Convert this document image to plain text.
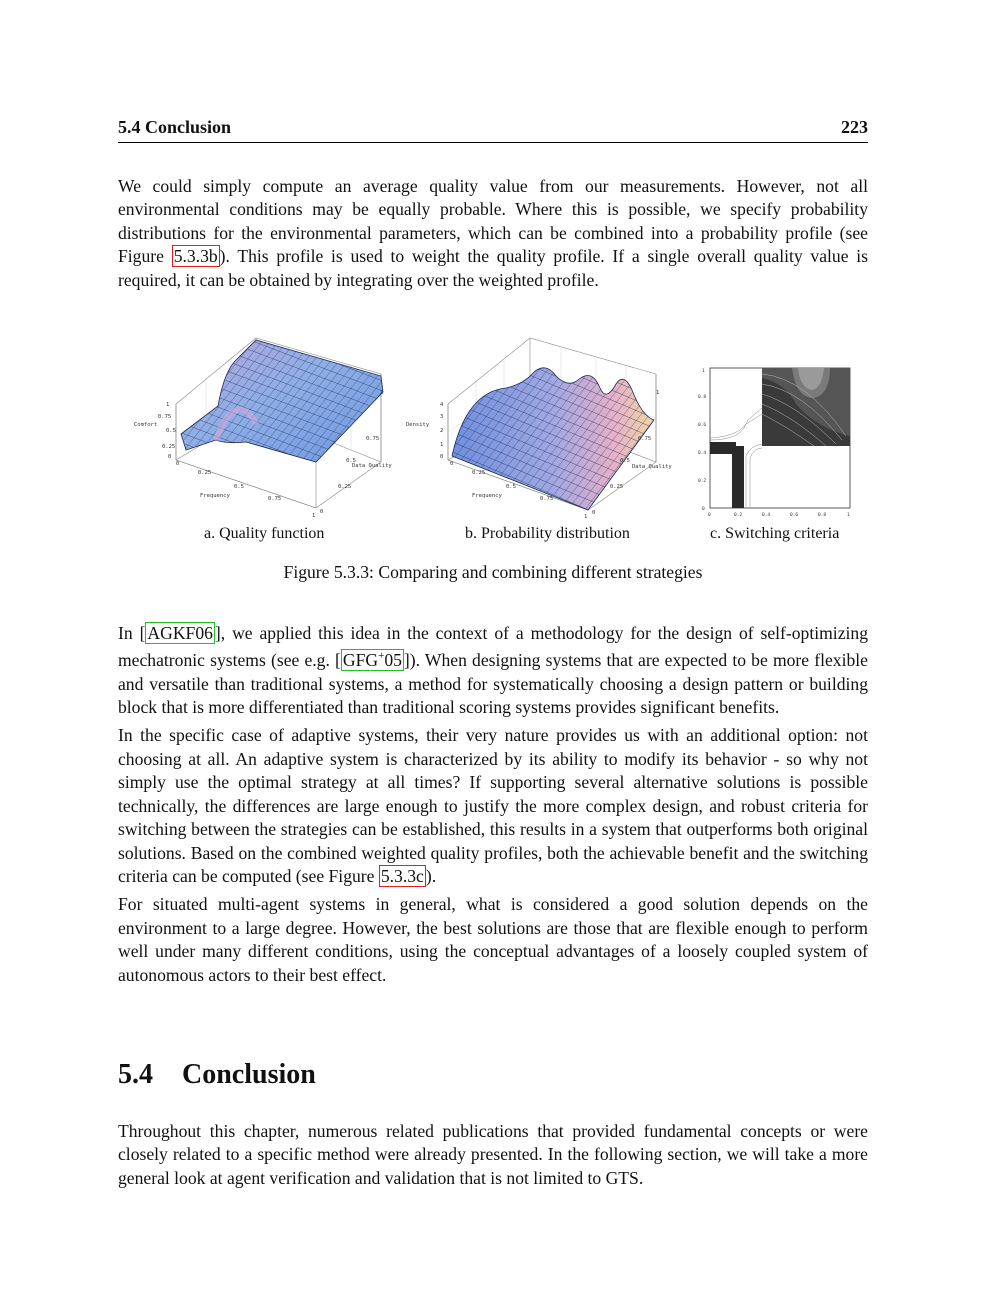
5.4 Conclusion	223

We could simply compute an average quality value from our measurements. However, not all environmental conditions may be equally probable. Where this is possible, we specify probability distributions for the environmental parameters, which can be combined into a probability profile (see Figure 5.3.3b ). This profile is used to weight the quality profile. If a single overall quality value is required, it can be obtained by integrating over the weighted profile.

Comfort
Frequency
Data Quality
0
0.25
0.5
0.75
1
0
0.25
0.5
0.75
1
0
0.25
0.5
0.75
1
a. Quality function
Density
Frequency
Data Quality
0
1
2
3
4
0
0.25
0.5
0.75
1
0
0.25
0.5
0.75
1
b. Probability distribution
0
0.2
0.4
0.6
0.8
1
0	0.2	0.4	0.6	0.8	1
c. Switching criteria
Figure 5.3.3: Comparing and combining different strategies

In [ AGKF06 ], we applied this idea in the context of a methodology for the design of self-optimizing mechatronic systems (see e.g. [ GFG+05 ]). When designing systems that are expected to be more flexible and versatile than traditional systems, a method for systematically choosing a design pattern or building block that is more differentiated than traditional scoring systems provides significant benefits.

In the specific case of adaptive systems, their very nature provides us with an additional option: not choosing at all. An adaptive system is characterized by its ability to modify its behavior - so why not simply use the optimal strategy at all times? If supporting several alternative solutions is possible technically, the differences are large enough to justify the more complex design, and robust criteria for switching between the strategies can be established, this results in a system that outperforms both original solutions. Based on the combined weighted quality profiles, both the achievable benefit and the switching criteria can be computed (see Figure 5.3.3c ).

For situated multi-agent systems in general, what is considered a good solution depends on the environment to a large degree. However, the best solutions are those that are flexible enough to perform well under many different conditions, using the conceptual advantages of a loosely coupled system of autonomous actors to their best effect.

5.4 Conclusion

Throughout this chapter, numerous related publications that provided fundamental concepts or were closely related to a specific method were already presented. In the following section, we will take a more general look at agent verification and validation that is not limited to GTS.
